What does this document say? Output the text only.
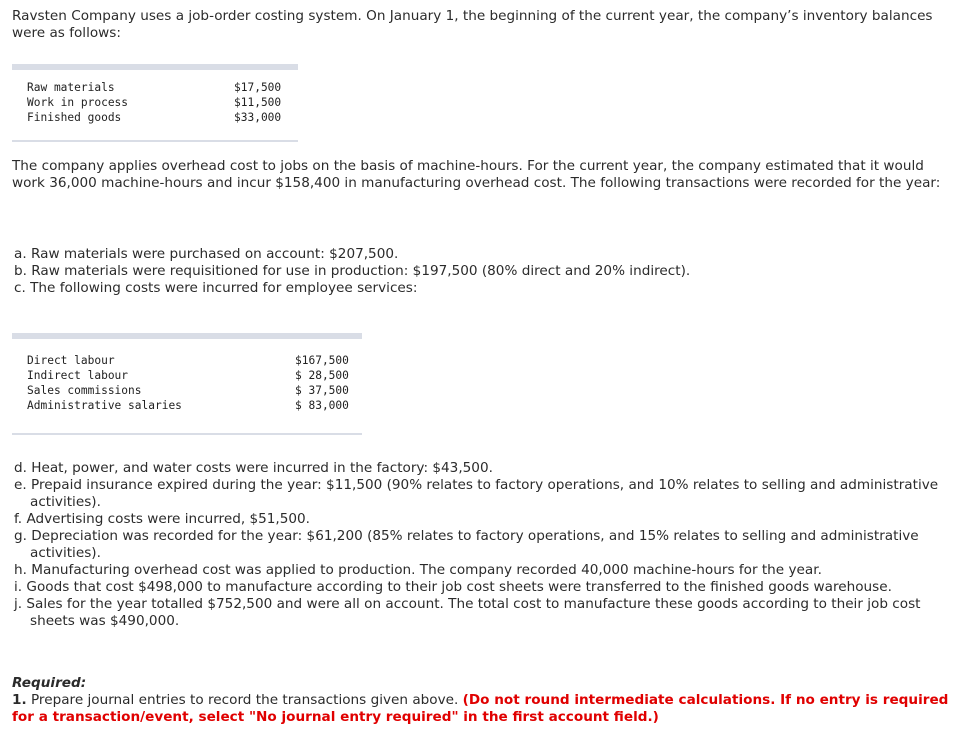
Ravsten Company uses a job-order costing system. On January 1, the beginning of the current year, the company’s inventory balances were as follows:

Raw materials	$17,500
Work in process	$11,500
Finished goods	$33,000

The company applies overhead cost to jobs on the basis of machine-hours. For the current year, the company estimated that it would work 36,000 machine-hours and incur $158,400 in manufacturing overhead cost. The following transactions were recorded for the year:

a. Raw materials were purchased on account: $207,500.
b. Raw materials were requisitioned for use in production: $197,500 (80% direct and 20% indirect).
c. The following costs were incurred for employee services:
Direct labour	$167,500
Indirect labour	$ 28,500
Sales commissions	$ 37,500
Administrative salaries	$ 83,000
d. Heat, power, and water costs were incurred in the factory: $43,500.
e. Prepaid insurance expired during the year: $11,500 (90% relates to factory operations, and 10% relates to selling and administrative activities).
f. Advertising costs were incurred, $51,500.
g. Depreciation was recorded for the year: $61,200 (85% relates to factory operations, and 15% relates to selling and administrative activities).
h. Manufacturing overhead cost was applied to production. The company recorded 40,000 machine-hours for the year.
i. Goods that cost $498,000 to manufacture according to their job cost sheets were transferred to the finished goods warehouse.
j. Sales for the year totalled $752,500 and were all on account. The total cost to manufacture these goods according to their job cost sheets was $490,000.
Required:
1. Prepare journal entries to record the transactions given above. (Do not round intermediate calculations. If no entry is required for a transaction/event, select "No journal entry required" in the first account field.)
